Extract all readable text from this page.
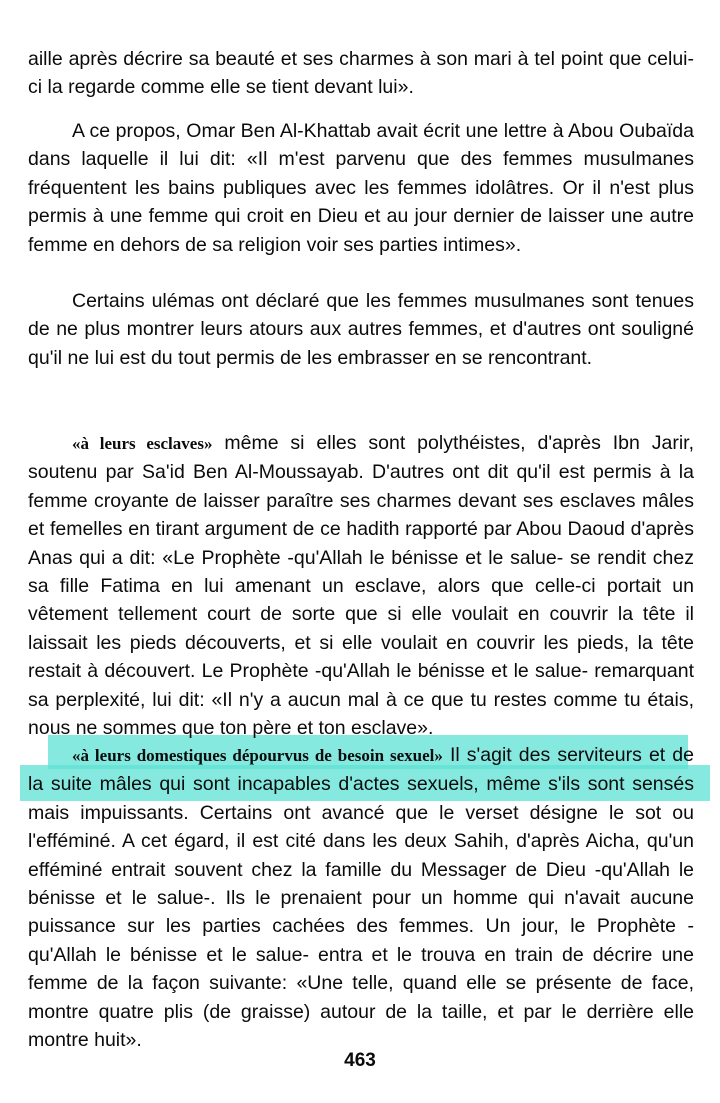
aille après décrire sa beauté et ses charmes à son mari à tel point que celui-ci la regarde comme elle se tient devant lui».

A ce propos, Omar Ben Al-Khattab avait écrit une lettre à Abou Oubaïda dans laquelle il lui dit: «Il m'est parvenu que des femmes musulmanes fréquentent les bains publiques avec les femmes idolâtres. Or il n'est plus permis à une femme qui croit en Dieu et au jour dernier de laisser une autre femme en dehors de sa religion voir ses parties intimes».

Certains ulémas ont déclaré que les femmes musulmanes sont tenues de ne plus montrer leurs atours aux autres femmes, et d'autres ont souligné qu'il ne lui est du tout permis de les embrasser en se rencontrant.

«à leurs esclaves» même si elles sont polythéistes, d'après Ibn Jarir, soutenu par Sa'id Ben Al-Moussayab. D'autres ont dit qu'il est permis à la femme croyante de laisser paraître ses charmes devant ses esclaves mâles et femelles en tirant argument de ce hadith rapporté par Abou Daoud d'après Anas qui a dit: «Le Prophète -qu'Allah le bénisse et le salue- se rendit chez sa fille Fatima en lui amenant un esclave, alors que celle-ci portait un vêtement tellement court de sorte que si elle voulait en couvrir la tête il laissait les pieds découverts, et si elle voulait en couvrir les pieds, la tête restait à découvert. Le Prophète -qu'Allah le bénisse et le salue- remarquant sa perplexité, lui dit: «Il n'y a aucun mal à ce que tu restes comme tu étais, nous ne sommes que ton père et ton esclave».

«à leurs domestiques dépourvus de besoin sexuel» Il s'agit des serviteurs et de la suite mâles qui sont incapables d'actes sexuels, même s'ils sont sensés mais impuissants. Certains ont avancé que le verset désigne le sot ou l'efféminé. A cet égard, il est cité dans les deux Sahih, d'après Aicha, qu'un efféminé entrait souvent chez la famille du Messager de Dieu -qu'Allah le bénisse et le salue-. Ils le prenaient pour un homme qui n'avait aucune puissance sur les parties cachées des femmes. Un jour, le Prophète -qu'Allah le bénisse et le salue- entra et le trouva en train de décrire une femme de la façon suivante: «Une telle, quand elle se présente de face, montre quatre plis (de graisse) autour de la taille, et par le derrière elle montre huit».

463
